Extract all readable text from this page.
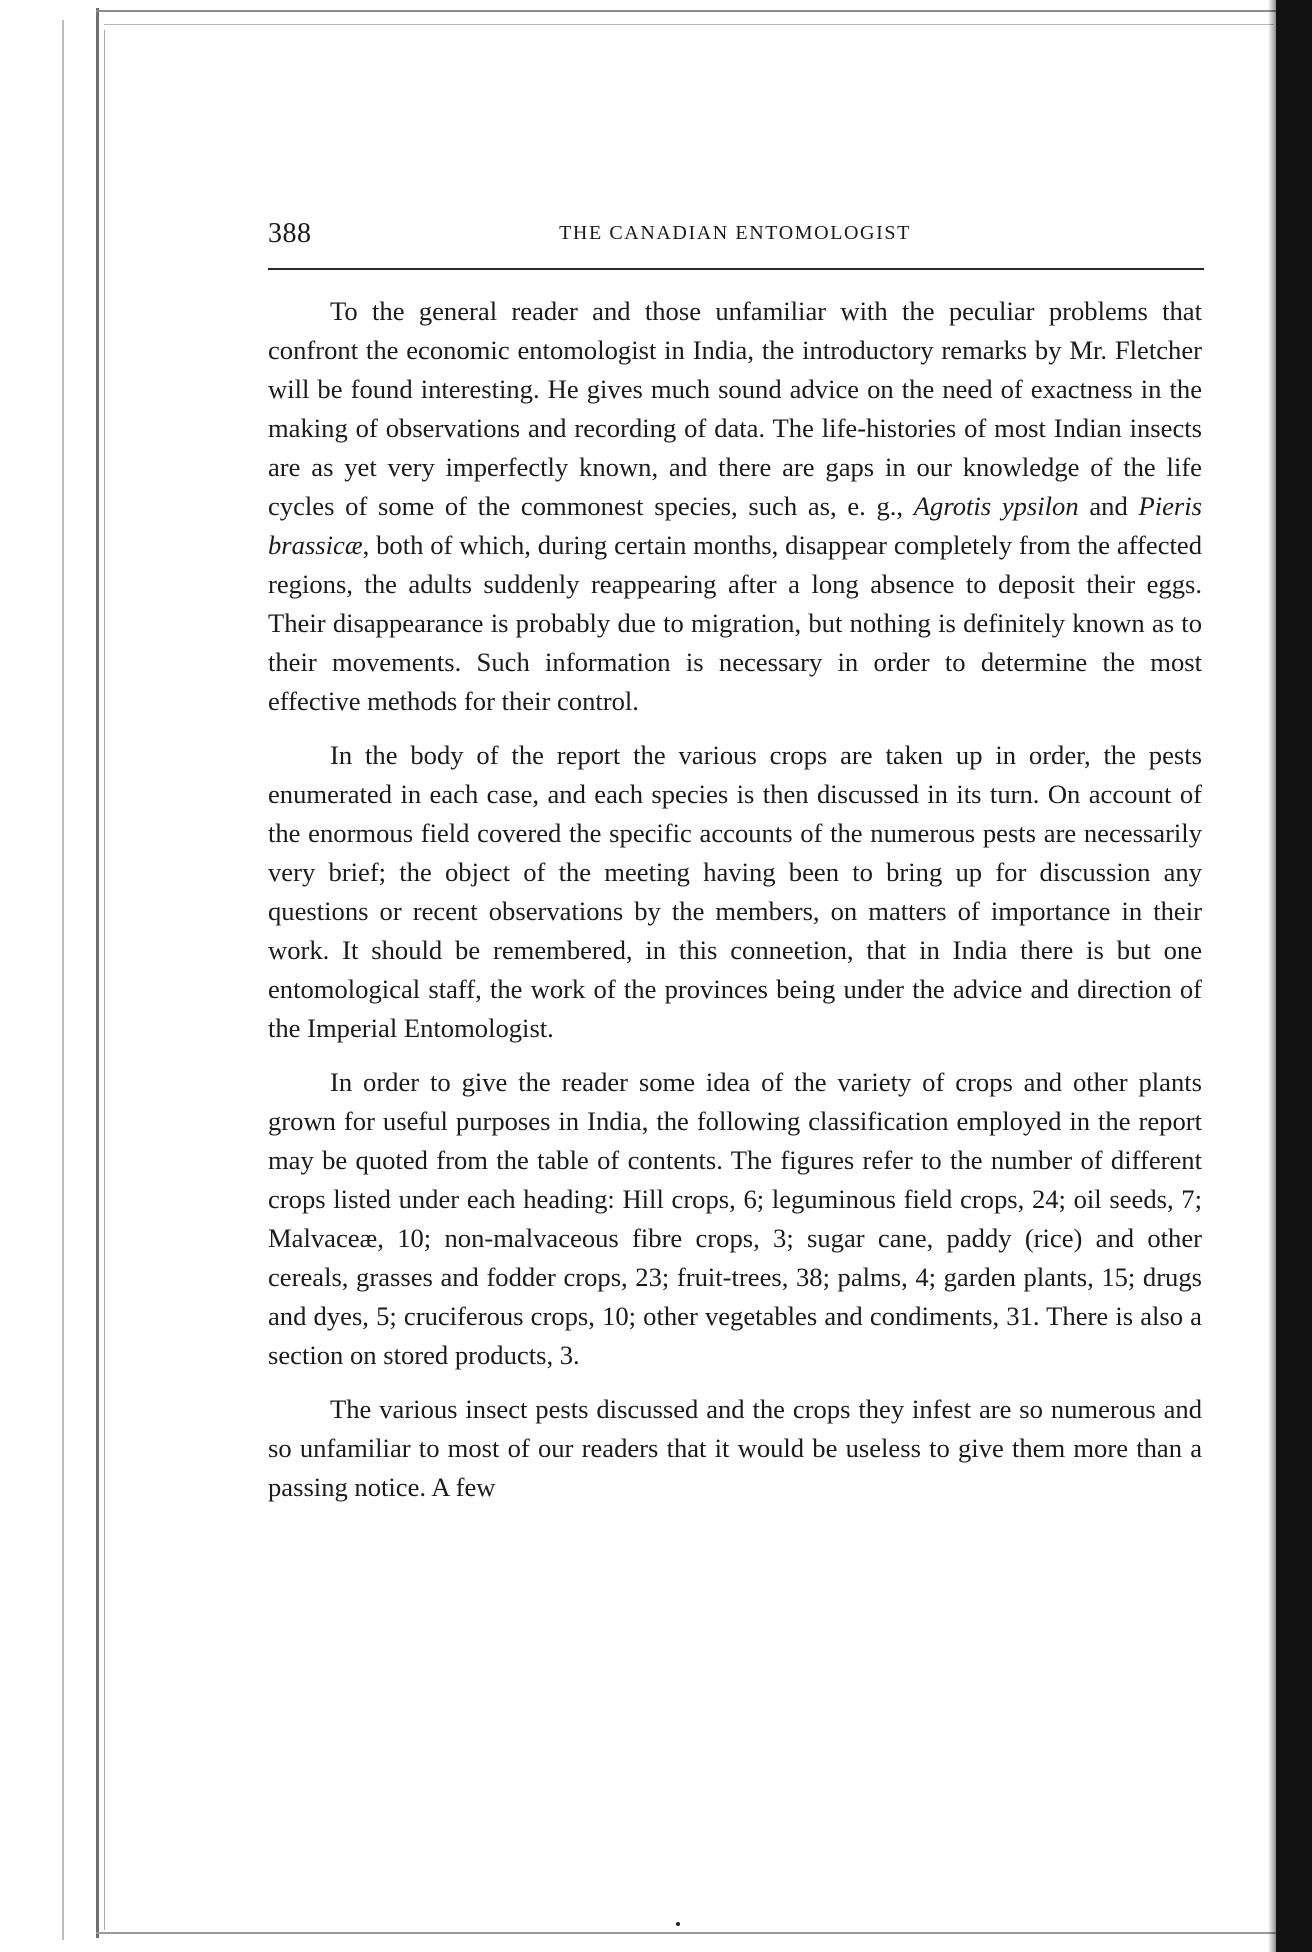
388	THE CANADIAN ENTOMOLOGIST

To the general reader and those unfamiliar with the peculiar problems that confront the economic entomologist in India, the introductory remarks by Mr. Fletcher will be found interesting. He gives much sound advice on the need of exactness in the making of observations and recording of data. The life-histories of most Indian insects are as yet very imperfectly known, and there are gaps in our knowledge of the life cycles of some of the commonest species, such as, e. g., Agrotis ypsilon and Pieris brassicæ, both of which, during certain months, disappear completely from the affected regions, the adults suddenly reappearing after a long absence to deposit their eggs. Their disappearance is probably due to migration, but nothing is definitely known as to their movements. Such information is necessary in order to determine the most effective methods for their control.

In the body of the report the various crops are taken up in order, the pests enumerated in each case, and each species is then discussed in its turn. On account of the enormous field covered the specific accounts of the numerous pests are necessarily very brief; the object of the meeting having been to bring up for discussion any questions or recent observations by the members, on matters of importance in their work. It should be remembered, in this conneetion, that in India there is but one entomological staff, the work of the provinces being under the advice and direction of the Imperial Entomologist.

In order to give the reader some idea of the variety of crops and other plants grown for useful purposes in India, the following classification employed in the report may be quoted from the table of contents. The figures refer to the number of different crops listed under each heading: Hill crops, 6; leguminous field crops, 24; oil seeds, 7; Malvaceæ, 10; non-malvaceous fibre crops, 3; sugar cane, paddy (rice) and other cereals, grasses and fodder crops, 23; fruit-trees, 38; palms, 4; garden plants, 15; drugs and dyes, 5; cruciferous crops, 10; other vegetables and condiments, 31. There is also a section on stored products, 3.

The various insect pests discussed and the crops they infest are so numerous and so unfamiliar to most of our readers that it would be useless to give them more than a passing notice. A few
